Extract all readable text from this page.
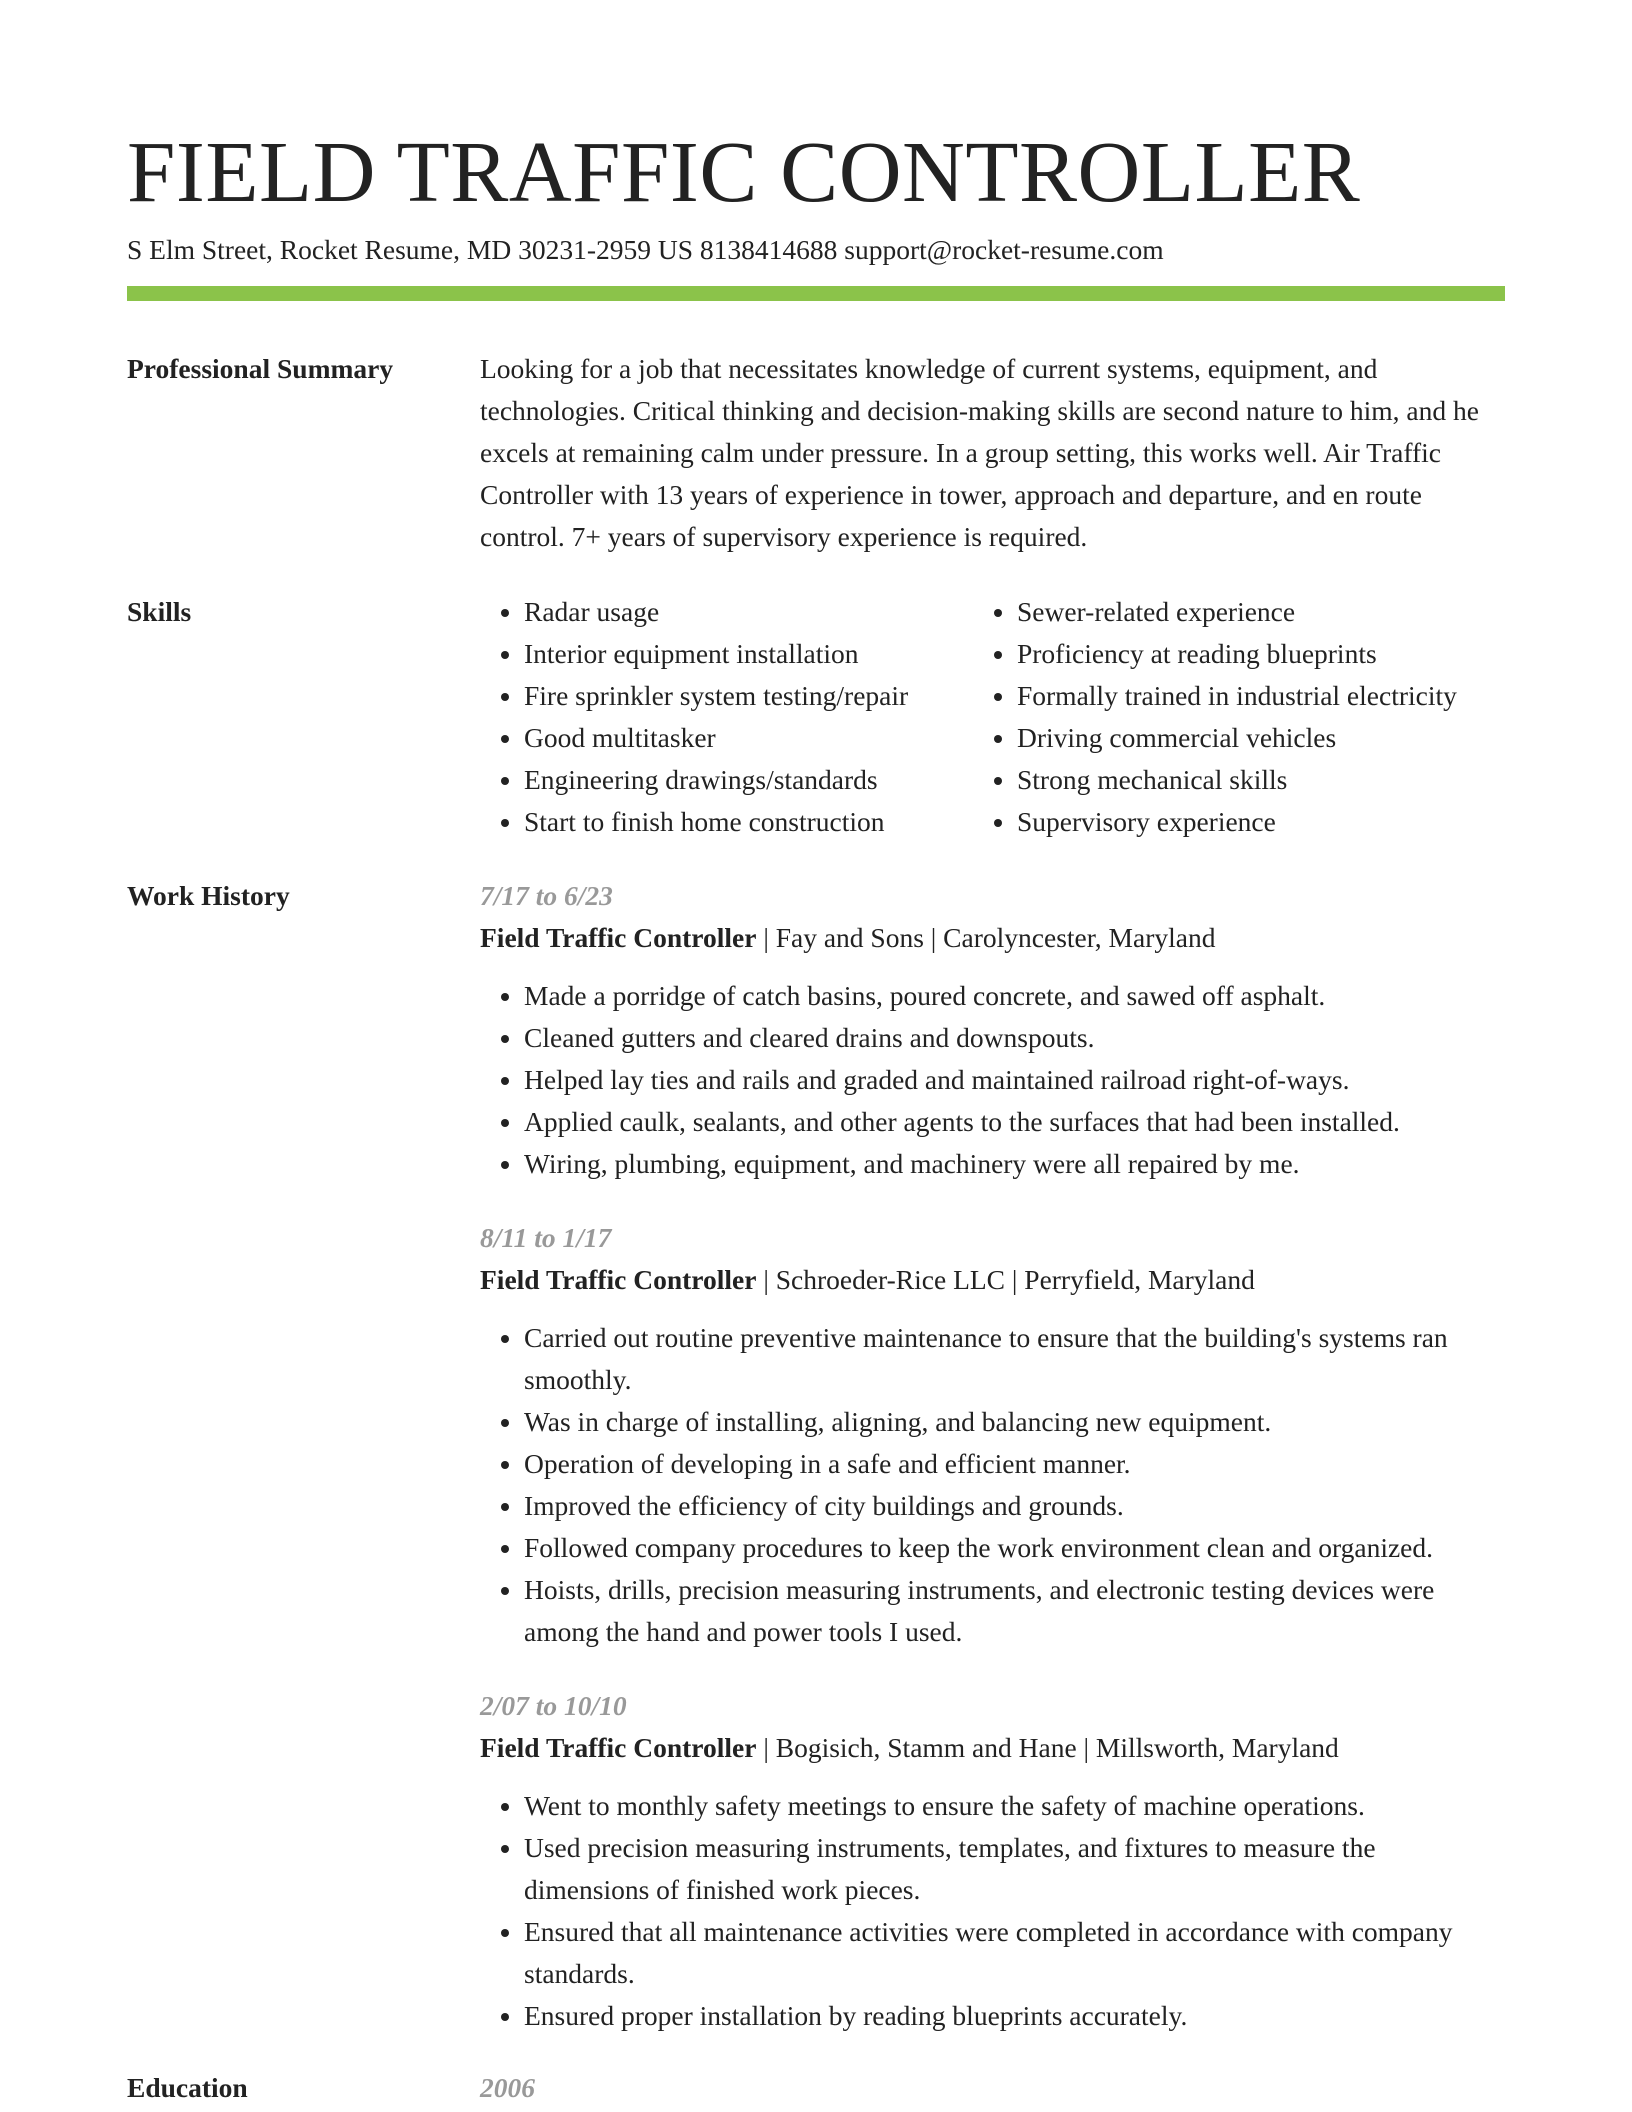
FIELD TRAFFIC CONTROLLER
S Elm Street, Rocket Resume, MD 30231-2959 US 8138414688 support@rocket-resume.com
Professional Summary	Looking for a job that necessitates knowledge of current systems, equipment, and technologies. Critical thinking and decision-making skills are second nature to him, and he excels at remaining calm under pressure. In a group setting, this works well. Air Traffic Controller with 13 years of experience in tower, approach and departure, and en route control. 7+ years of supervisory experience is required.

Skills
•	Radar usage
• Interior equipment installation
• Fire sprinkler system testing/repair
• Good multitasker
• Engineering drawings/standards
• Start to finish home construction
• Sewer-related experience
• Proficiency at reading blueprints
• Formally trained in industrial electricity
• Driving commercial vehicles
• Strong mechanical skills
• Supervisory experience
Work History	7/17 to 6/23
Field Traffic Controller | Fay and Sons | Carolyncester, Maryland
• Made a porridge of catch basins, poured concrete, and sawed off asphalt.
• Cleaned gutters and cleared drains and downspouts.
• Helped lay ties and rails and graded and maintained railroad right-of-ways.
• Applied caulk, sealants, and other agents to the surfaces that had been installed.
• Wiring, plumbing, equipment, and machinery were all repaired by me.
8/11 to 1/17
Field Traffic Controller | Schroeder-Rice LLC | Perryfield, Maryland
• Carried out routine preventive maintenance to ensure that the building's systems ran smoothly.
• Was in charge of installing, aligning, and balancing new equipment.
• Operation of developing in a safe and efficient manner.
• Improved the efficiency of city buildings and grounds.
• Followed company procedures to keep the work environment clean and organized.
• Hoists, drills, precision measuring instruments, and electronic testing devices were among the hand and power tools I used.
2/07 to 10/10
Field Traffic Controller | Bogisich, Stamm and Hane | Millsworth, Maryland
• Went to monthly safety meetings to ensure the safety of machine operations.
• Used precision measuring instruments, templates, and fixtures to measure the dimensions of finished work pieces.
• Ensured that all maintenance activities were completed in accordance with company standards.
• Ensured proper installation by reading blueprints accurately.
Education	2006
